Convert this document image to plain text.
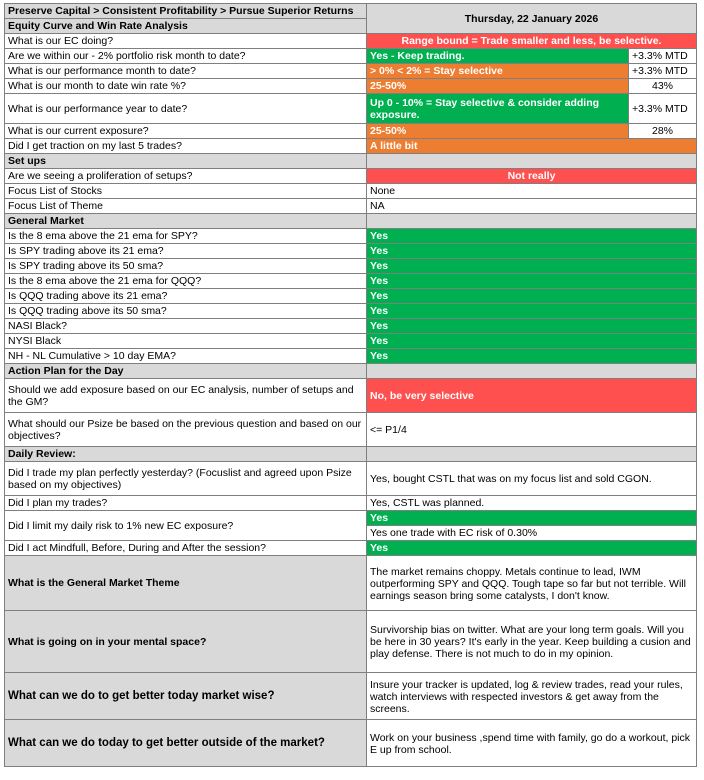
Preserve Capital > Consistent Profitability > Pursue Superior Returns	Thursday, 22 January 2026	
Equity Curve and Win Rate Analysis		
What is our EC doing?	Range bound = Trade smaller and less, be selective.	
Are we within our - 2% portfolio risk month to date?	Yes - Keep trading.	+3.3% MTD
What is our performance month to date?	> 0% < 2% = Stay selective	+3.3% MTD
What is our month to date win rate %?	25-50%	43%
What is our performance year to date?	Up 0 - 10% = Stay selective & consider adding exposure.	+3.3% MTD
What is our current exposure?	25-50%	28%
Did I get traction on my last 5 trades?	A little bit	
Set ups		
Are we seeing a proliferation of setups?	Not really	
Focus List of Stocks	None	
Focus List of Theme	NA	
General Market		
Is the 8 ema above the 21 ema for SPY?	Yes	
Is SPY trading above its 21 ema?	Yes	
Is SPY trading above its 50 sma?	Yes	
Is the 8 ema above the 21 ema for QQQ?	Yes	
Is QQQ trading above its 21 ema?	Yes	
Is QQQ trading above its 50 sma?	Yes	
NASI Black?	Yes	
NYSI Black	Yes	
NH - NL Cumulative > 10 day EMA?	Yes	
Action Plan for the Day		
Should we add exposure based on our EC analysis, number of setups and the GM?	No, be very selective	
What should our Psize be based on the previous question and based on our objectives?	<= P1/4	
Daily Review:		
Did I trade my plan perfectly yesterday? (Focuslist and agreed upon Psize based on my objectives)	Yes, bought CSTL that was on my focus list and sold CGON.	
Did I plan my trades?	Yes, CSTL was planned.	
Did I limit my daily risk to 1% new EC exposure?	Yes	
	Yes one trade with EC risk of 0.30%	
Did I act Mindfull, Before, During and After the session?	Yes	
What is the General Market Theme	The market remains choppy. Metals continue to lead, IWM outperforming SPY and QQQ. Tough tape so far but not terrible. Will earnings season bring some catalysts, I don't know.	
What is going on in your mental space?	Survivorship bias on twitter. What are your long term goals. Will you be here in 30 years? It's early in the year. Keep building a cusion and play defense. There is not much to do in my opinion.	
What can we do to get better today market wise?	Insure your tracker is updated, log & review trades, read your rules, watch interviews with respected investors & get away from the screens.	
What can we do today to get better outside of the market?	Work on your business ,spend time with family, go do a workout, pick E up from school.	
